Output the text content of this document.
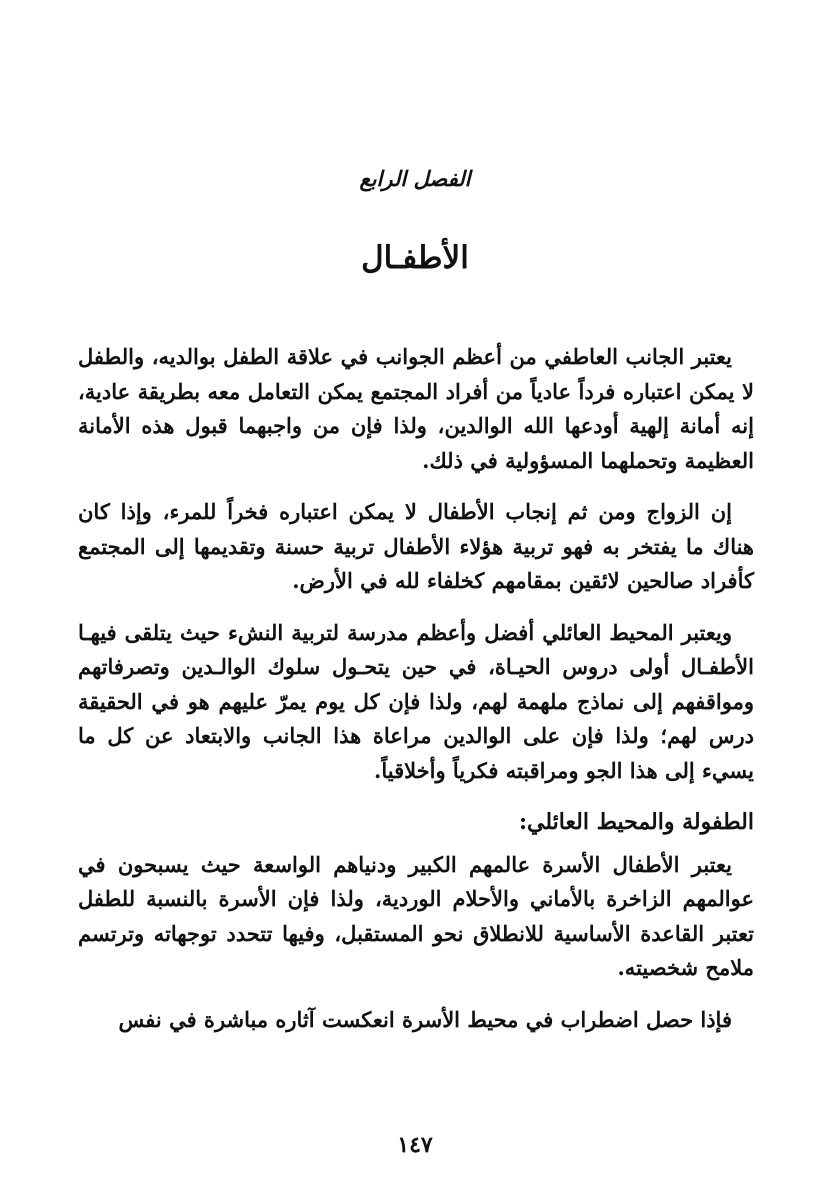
الفصل الرابع
الأطفـال

يعتبر الجانب العاطفي من أعظم الجوانب في علاقة الطفل بوالديه، والطفل لا يمكن اعتباره فرداً عادياً من أفراد المجتمع يمكن التعامل معه بطريقة عادية، إنه أمانة إلهية أودعها الله الوالدين، ولذا فإن من واجبهما قبول هذه الأمانة العظيمة وتحملهما المسؤولية في ذلك.

إن الزواج ومن ثم إنجاب الأطفال لا يمكن اعتباره فخراً للمرء، وإذا كان هناك ما يفتخر به فهو تربية هؤلاء الأطفال تربية حسنة وتقديمها إلى المجتمع كأفراد صالحين لائقين بمقامهم كخلفاء لله في الأرض.

ويعتبر المحيط العائلي أفضل وأعظم مدرسة لتربية النشء حيث يتلقى فيهـا الأطفـال أولى دروس الحيـاة، في حين يتحـول سلوك الوالـدين وتصرفاتهم ومواقفهم إلى نماذج ملهمة لهم، ولذا فإن كل يوم يمرّ عليهم هو في الحقيقة درس لهم؛ ولذا فإن على الوالدين مراعاة هذا الجانب والابتعاد عن كل ما يسيء إلى هذا الجو ومراقبته فكرياً وأخلاقياً.

الطفولة والمحيط العائلي:

يعتبر الأطفال الأسرة عالمهم الكبير ودنياهم الواسعة حيث يسبحون في عوالمهم الزاخرة بالأماني والأحلام الوردية، ولذا فإن الأسرة بالنسبة للطفل تعتبر القاعدة الأساسية للانطلاق نحو المستقبل، وفيها تتحدد توجهاته وترتسم ملامح شخصيته.

فإذا حصل اضطراب في محيط الأسرة انعكست آثاره مباشرة في نفس

١٤٧
